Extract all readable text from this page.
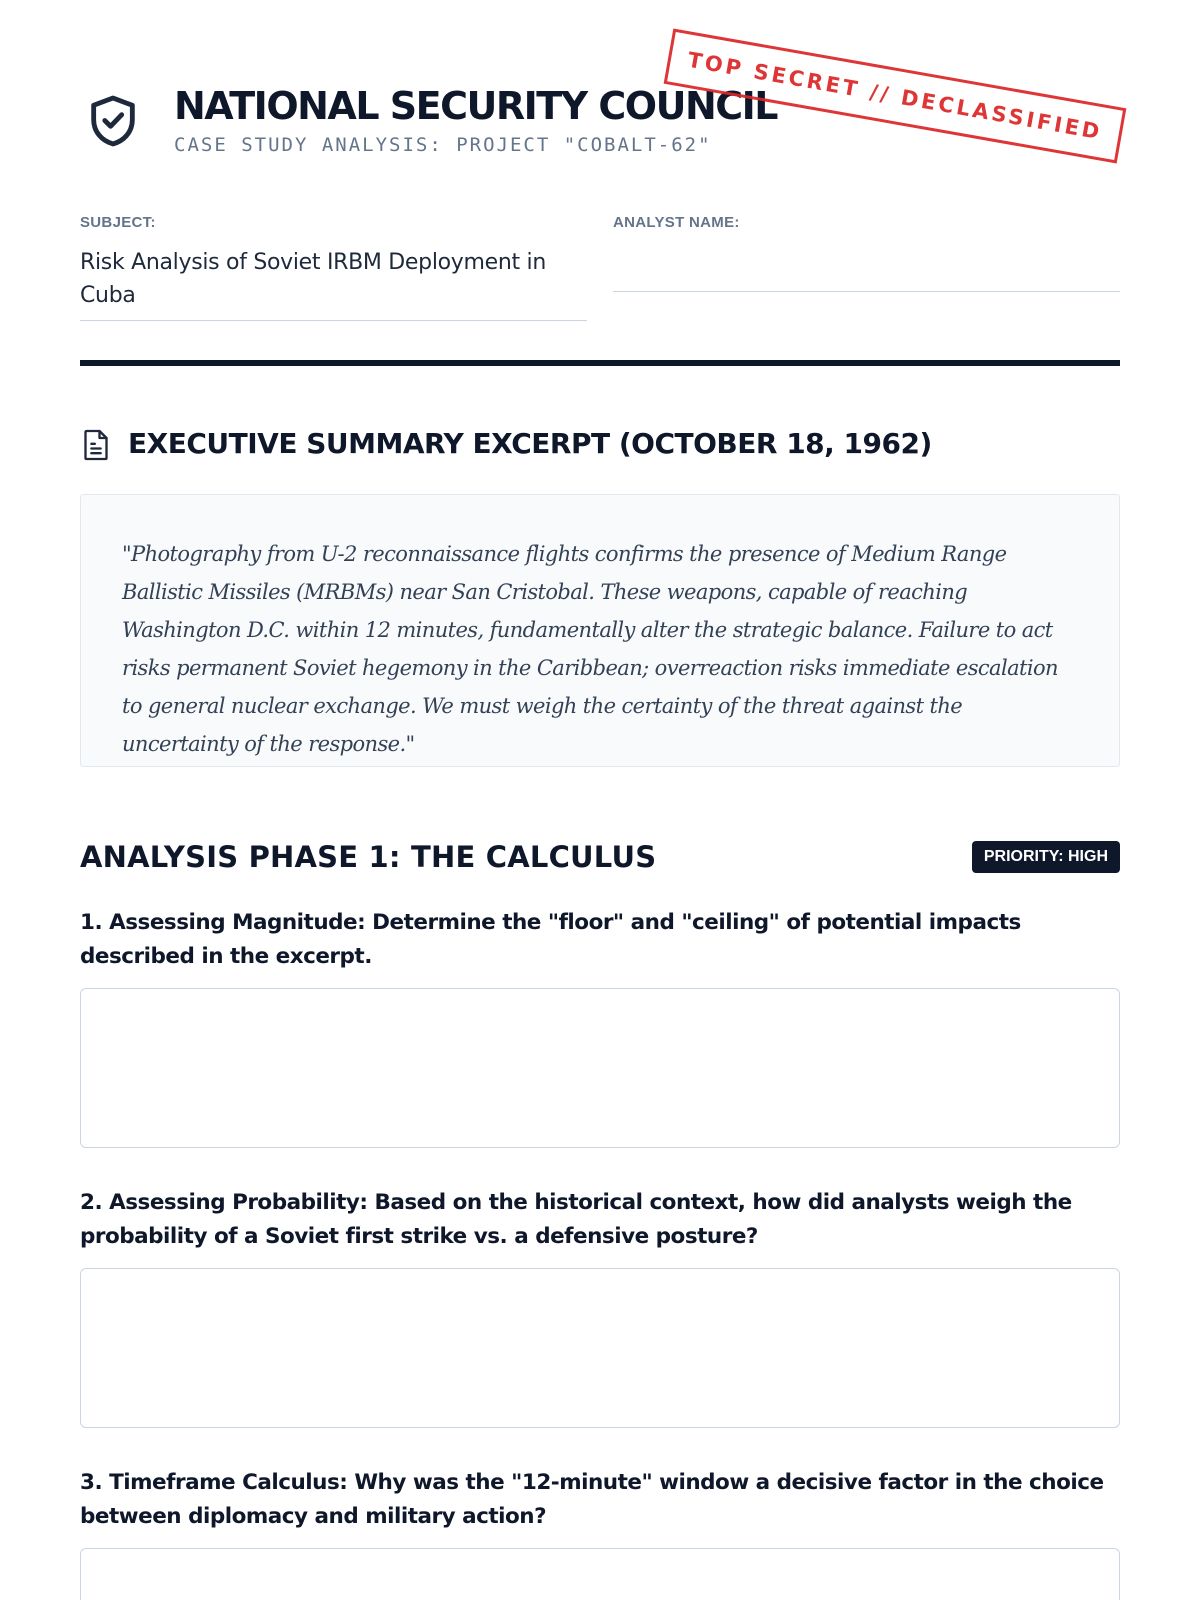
NATIONAL SECURITY COUNCIL
CASE STUDY ANALYSIS: PROJECT "COBALT-62"
TOP SECRET // DECLASSIFIED
SUBJECT:
Risk Analysis of Soviet IRBM Deployment in Cuba
ANALYST NAME:
EXECUTIVE SUMMARY EXCERPT (OCTOBER 18, 1962)
"Photography from U-2 reconnaissance flights confirms the presence of Medium Range Ballistic Missiles (MRBMs) near San Cristobal. These weapons, capable of reaching Washington D.C. within 12 minutes, fundamentally alter the strategic balance. Failure to act risks permanent Soviet hegemony in the Caribbean; overreaction risks immediate escalation to general nuclear exchange. We must weigh the certainty of the threat against the uncertainty of the response."
ANALYSIS PHASE 1: THE CALCULUS	PRIORITY: HIGH
1. Assessing Magnitude: Determine the "floor" and "ceiling" of potential impacts described in the excerpt.
2. Assessing Probability: Based on the historical context, how did analysts weigh the probability of a Soviet first strike vs. a defensive posture?
3. Timeframe Calculus: Why was the "12-minute" window a decisive factor in the choice between diplomacy and military action?
